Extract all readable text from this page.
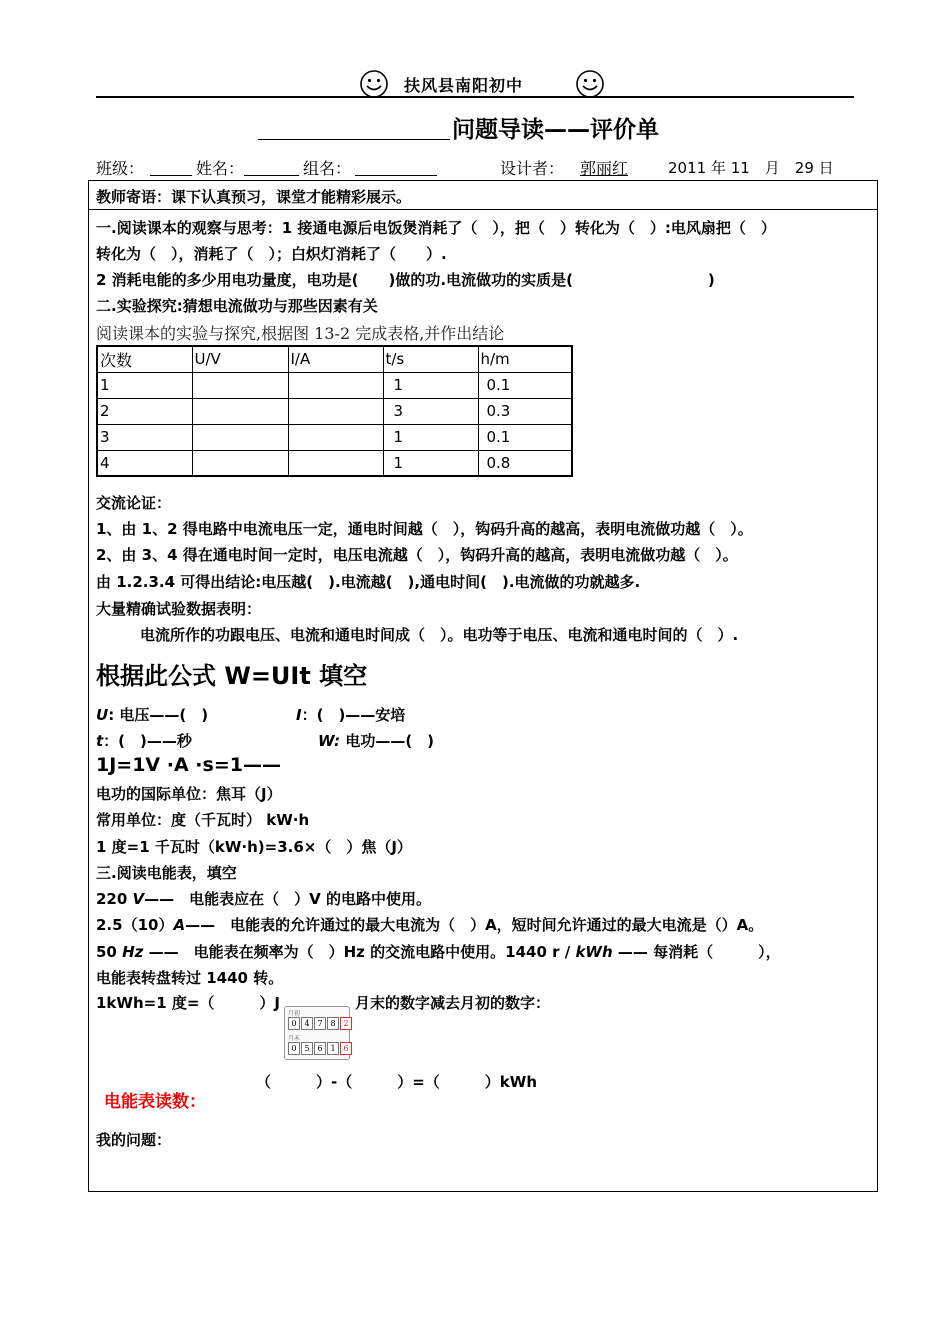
扶风县南阳初中
问题导读——评价单
班级：	姓名：	组名：	设计者： 郭丽红	2011 年 11　月　29 日
教师寄语：课下认真预习，课堂才能精彩展示。
一.阅读课本的观察与思考：1 接通电源后电饭煲消耗了（　），把（　）转化为（　）:电风扇把（　）
转化为（　），消耗了（　）；白炽灯消耗了（　　）.
2 消耗电能的多少用电功量度，电功是(　　)做的功.电流做功的实质是(　　　　　　　　　)
二.实验探究:猜想电流做功与那些因素有关
阅读课本的实验与探究,根据图 13-2 完成表格,并作出结论
次数	U/V	I/A	t/s	h/m
1			1	0.1
2			3	0.3
3			1	0.1
4			1	0.8
交流论证：
1、由 1、2 得电路中电流电压一定，通电时间越（　），钩码升高的越高，表明电流做功越（　）。
2、由 3、4 得在通电时间一定时，电压电流越（　），钩码升高的越高，表明电流做功越（　）。
由 1.2.3.4 可得出结论:电压越(　).电流越(　),通电时间(　).电流做的功就越多.
大量精确试验数据表明：
电流所作的功跟电压、电流和通电时间成（　）。电功等于电压、电流和通电时间的（　）.
根据此公式 W=UIt 填空
U: 电压——(　)	I：(　)——安培
t：(　)——秒	W: 电功——(　)
1J=1V ·A ·s=1——
电功的国际单位：焦耳（J）
常用单位：度（千瓦时） kW·h
1 度=1 千瓦时（kW·h)=3.6×（　）焦（J）
三.阅读电能表，填空
220 V——　电能表应在（　）V 的电路中使用。
2.5（10）A——　电能表的允许通过的最大电流为（　）A，短时间允许通过的最大电流是（）A。
50 Hz ——　电能表在频率为（　）Hz 的交流电路中使用。1440 r / kWh —— 每消耗（　　　），
电能表转盘转过 1440 转。
1kWh=1 度=（　　　）J	月末的数字减去月初的数字：
月初
0 4 7 8 2
月末
0 5 6 1 6
（　　　）-（　　　）=（　　　）kWh
电能表读数：
我的问题：
